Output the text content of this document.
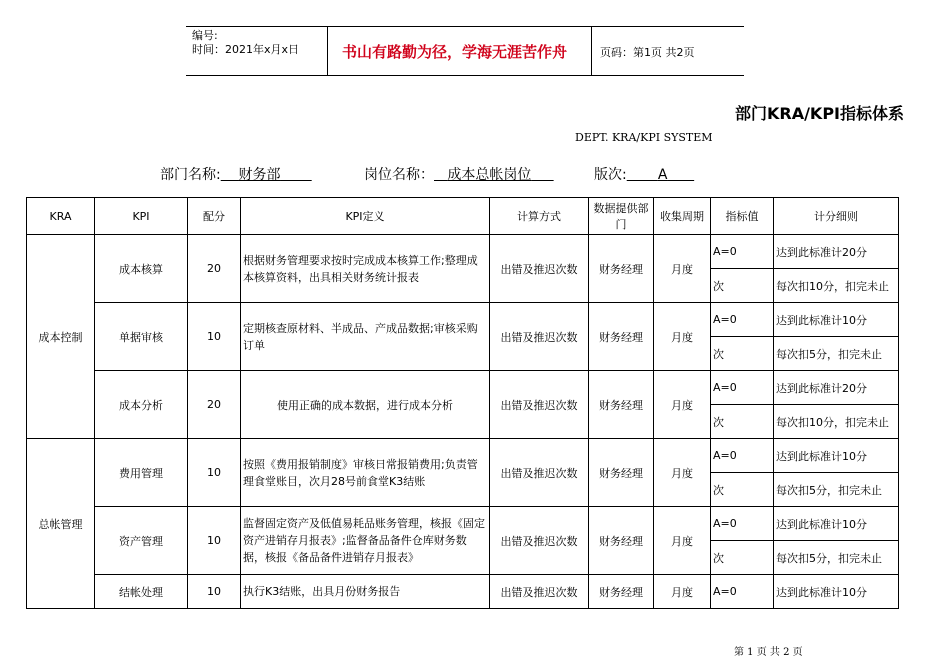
编号:
时间：2021年x月x日	书山有路勤为径，学海无涯苦作舟	页码：第1页 共2页
部门KRA/KPI指标体系
DEPT. KRA/KPI SYSTEM
部门名称: 财务部	岗位名称： 成本总帐岗位	版次: A
KRA	KPI	配分	KPI定义	计算方式	数据提供部门	收集周期	指标值	计分细则
成本控制	成本核算	20	根据财务管理要求按时完成成本核算工作;整理成本核算资料，出具相关财务统计报表	出错及推迟次数	财务经理	月度	A=0	达到此标准计20分
							次	每次扣10分，扣完未止
	单据审核	10	定期核查原材料、半成品、产成品数据;审核采购订单	出错及推迟次数	财务经理	月度	A=0	达到此标准计10分
							次	每次扣5分，扣完未止
	成本分析	20	使用正确的成本数据，进行成本分析	出错及推迟次数	财务经理	月度	A=0	达到此标准计20分
							次	每次扣10分，扣完未止
总帐管理	费用管理	10	按照《费用报销制度》审核日常报销费用;负责管理食堂账目，次月28号前食堂K3结账	出错及推迟次数	财务经理	月度	A=0	达到此标准计10分
							次	每次扣5分，扣完未止
	资产管理	10	监督固定资产及低值易耗品账务管理，核报《固定资产进销存月报表》;监督备品备件仓库财务数据，核报《备品备件进销存月报表》	出错及推迟次数	财务经理	月度	A=0	达到此标准计10分
							次	每次扣5分，扣完未止
	结帐处理	10	执行K3结账，出具月份财务报告	出错及推迟次数	财务经理	月度	A=0	达到此标准计10分
第 1 页 共 2 页
